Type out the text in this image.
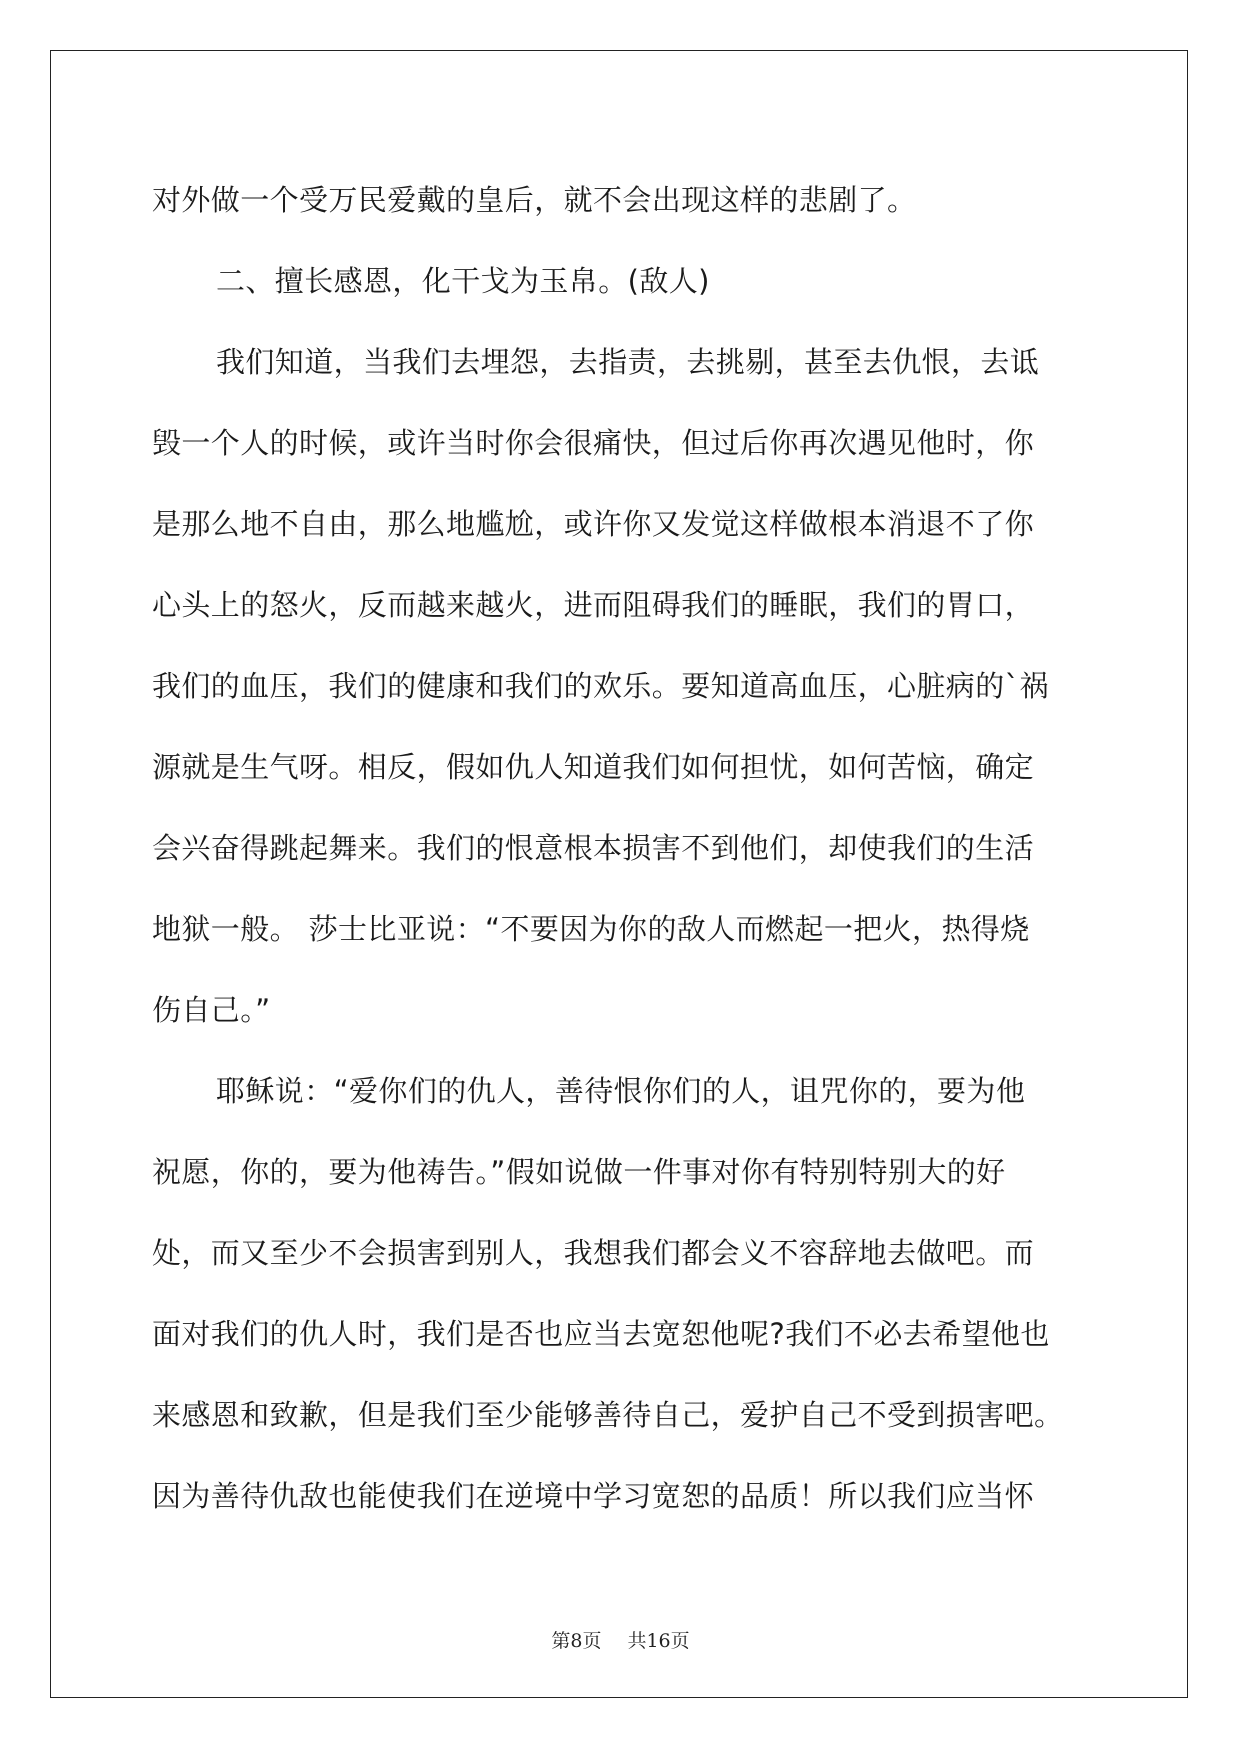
对外做一个受万民爱戴的皇后，就不会出现这样的悲剧了。
二、擅长感恩，化干戈为玉帛。(敌人)
我们知道，当我们去埋怨，去指责，去挑剔，甚至去仇恨，去诋
毁一个人的时候，或许当时你会很痛快，但过后你再次遇见他时，你
是那么地不自由，那么地尴尬，或许你又发觉这样做根本消退不了你
心头上的怒火，反而越来越火，进而阻碍我们的睡眠，我们的胃口，
我们的血压，我们的健康和我们的欢乐。要知道高血压，心脏病的`祸
源就是生气呀。相反，假如仇人知道我们如何担忧，如何苦恼，确定
会兴奋得跳起舞来。我们的恨意根本损害不到他们，却使我们的生活
地狱一般。 莎士比亚说：“不要因为你的敌人而燃起一把火，热得烧
伤自己。”
耶稣说：“爱你们的仇人，善待恨你们的人，诅咒你的，要为他
祝愿，你的，要为他祷告。”假如说做一件事对你有特别特别大的好
处，而又至少不会损害到别人，我想我们都会义不容辞地去做吧。而
面对我们的仇人时，我们是否也应当去宽恕他呢?我们不必去希望他也
来感恩和致歉，但是我们至少能够善待自己，爱护自己不受到损害吧。
因为善待仇敌也能使我们在逆境中学习宽恕的品质！所以我们应当怀
第8页 共16页
